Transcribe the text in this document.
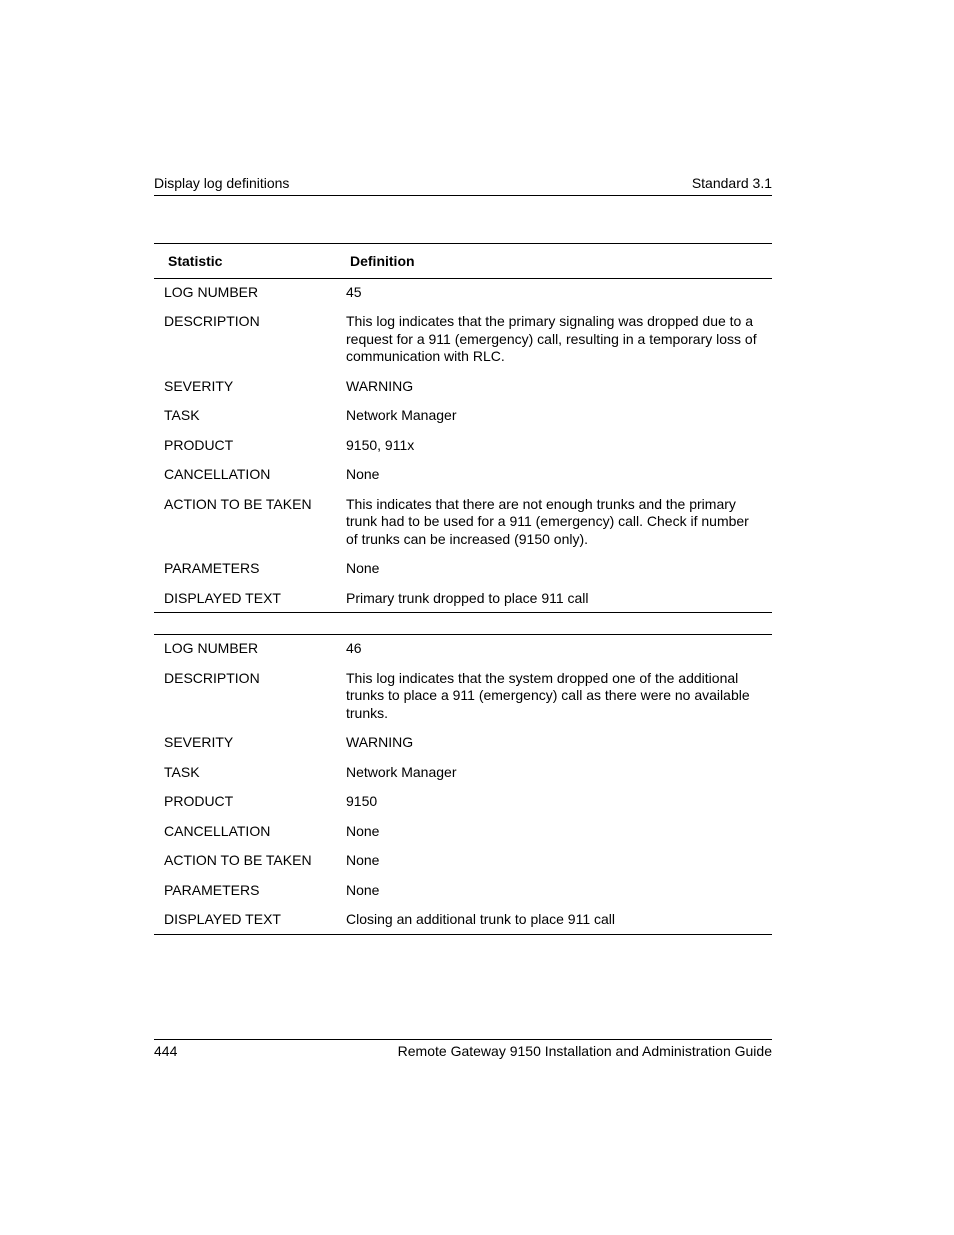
Display log definitions	Standard 3.1
Statistic	Definition
LOG NUMBER	45
DESCRIPTION	This log indicates that the primary signaling was dropped due to a request for a 911 (emergency) call, resulting in a temporary loss of communication with RLC.
SEVERITY	WARNING
TASK	Network Manager
PRODUCT	9150, 911x
CANCELLATION	None
ACTION TO BE TAKEN	This indicates that there are not enough trunks and the primary trunk had to be used for a 911 (emergency) call. Check if number of trunks can be increased (9150 only).
PARAMETERS	None
DISPLAYED TEXT	Primary trunk dropped to place 911 call
LOG NUMBER	46
DESCRIPTION	This log indicates that the system dropped one of the additional trunks to place a 911 (emergency) call as there were no available trunks.
SEVERITY	WARNING
TASK	Network Manager
PRODUCT	9150
CANCELLATION	None
ACTION TO BE TAKEN	None
PARAMETERS	None
DISPLAYED TEXT	Closing an additional trunk to place 911 call
444	Remote Gateway 9150 Installation and Administration Guide
